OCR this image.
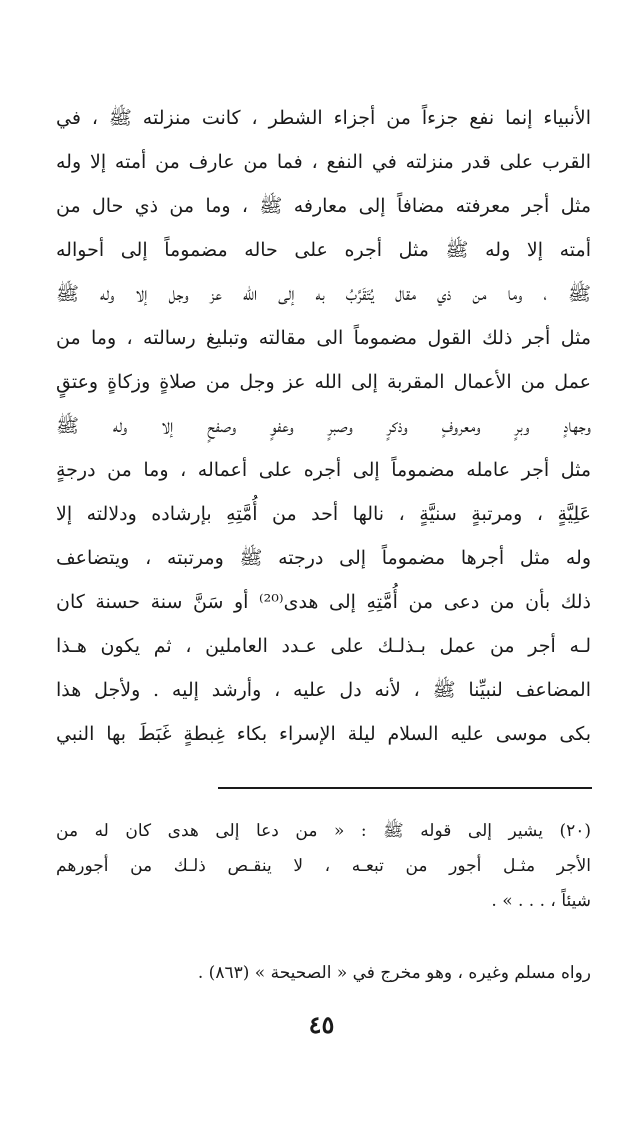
الأنبياء إنما نفع جزءاً من أجزاء الشطر ، كانت منزلته ﷺ ، في
القرب على قدر منزلته في النفع ، فما من عارف من أمته إلا وله
مثل أجر معرفته مضافاً إلى معارفه ﷺ ، وما من ذي حال من
أمته إلا وله ﷺ مثل أجره على حاله مضموماً إلى أحواله
ﷺ ، وما من ذي مقال يُتَقَرَّبُ به إلى الله عز وجل إلا وله ﷺ
مثل أجر ذلك القول مضموماً الى مقالته وتبليغ رسالته ، وما من
عمل من الأعمال المقربة إلى الله عز وجل من صلاةٍ وزكاةٍ وعتقٍ
وجهادٍ وبرٍ ومعروفٍ وذكرٍ وصبرٍ وعفوٍ وصفحٍ إلا وله ﷺ
مثل أجر عامله مضموماً إلى أجره على أعماله ، وما من درجةٍ
عَلِيَّةٍ ، ومرتبةٍ سنيَّةٍ ، نالها أحد من أُمَّتِهِ بإرشاده ودلالته إلا
وله مثل أجرها مضموماً إلى درجته ﷺ ومرتبته ، ويتضاعف
ذلك بأن من دعى من أُمَّتِهِ إلى هدى⁽²⁰⁾ أو سَنَّ سنة حسنة كان
لـه أجر من عمل بـذلـك على عـدد العاملين ، ثم يكون هـذا
المضاعف لنبيِّنا ﷺ ، لأنه دل عليه ، وأرشد إليه . ولأجل هذا
بكى موسى عليه السلام ليلة الإسراء بكاء غِبطةٍ غَبَطَ بها النبي
(٢٠) يشير إلى قوله ﷺ : « من دعا إلى هدى كان له من
الأجر مثـل أجور من تبعـه ، لا ينقـص ذلـك من أجورهم
شيئاً ، . . . » .
رواه مسلم وغيره ، وهو مخرج في « الصحيحة » (٨٦٣) .
٤٥
